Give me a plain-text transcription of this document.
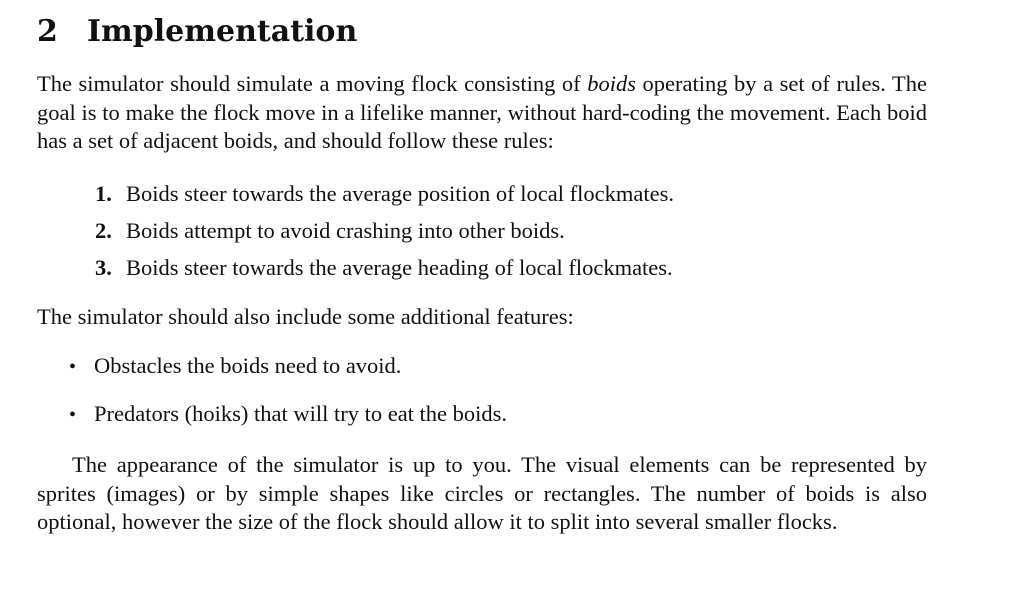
2 Implementation

The simulator should simulate a moving flock consisting of boids operating by a set of rules. The goal is to make the flock move in a lifelike manner, without hard-coding the movement. Each boid has a set of adjacent boids, and should follow these rules:

1. Boids steer towards the average position of local flockmates.
2. Boids attempt to avoid crashing into other boids.
3. Boids steer towards the average heading of local flockmates.

The simulator should also include some additional features:

• Obstacles the boids need to avoid.
• Predators (hoiks) that will try to eat the boids.

The appearance of the simulator is up to you. The visual elements can be represented by sprites (images) or by simple shapes like circles or rectangles. The number of boids is also optional, however the size of the flock should allow it to split into several smaller flocks.
